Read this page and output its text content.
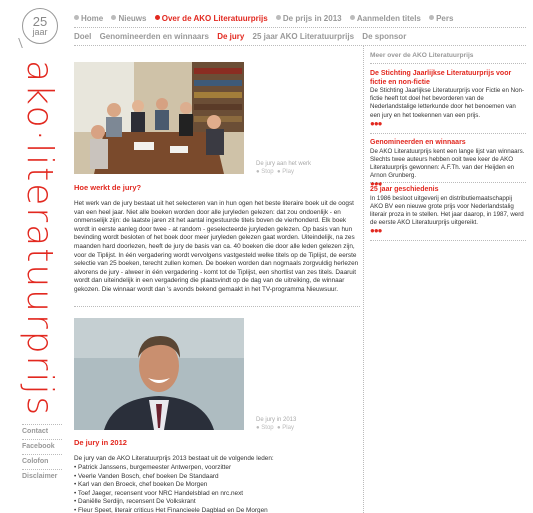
25
jaar
ako·literatuurprijs
Home Nieuws Over de AKO Literatuurprijs De prijs in 2013 Aanmelden titels Pers
Doel Genomineerden en winnaars De jury 25 jaar AKO Literatuurprijs De sponsor
De jury aan het werk
● Stop ● Play
Hoe werkt de jury?
Het werk van de jury bestaat uit het selecteren van in hun ogen het beste literaire boek uit de oogst van een heel jaar. Niet alle boeken worden door alle juryleden gelezen: dat zou ondoenlijk - en onmenselijk zijn: de laatste jaren zit het aantal ingestuurde titels boven de vierhonderd. Elk boek wordt in eerste aanleg door twee - at random - geselecteerde juryleden gelezen. Op basis van hun bevinding wordt besloten of het boek door meer juryleden gelezen gaat worden. Uiteindelijk, na zes maanden hard doorlezen, heeft de jury de basis van ca. 40 boeken die door alle leden gelezen zijn, voor de Tiplijst. In één vergadering wordt vervolgens vastgesteld welke titels op de Tiplijst, de eerste selectie van 25 boeken, terecht zullen komen. De boeken worden dan nogmaals zorgvuldig herlezen alvorens de jury - alweer in één vergadering - komt tot de Tiplijst, een shortlist van zes titels. Daaruit wordt dan uiteindelijk in een vergadering die plaatsvindt op de dag van de uitreiking, de winnaar gekozen. Die winnaar wordt dan 's avonds bekend gemaakt in het TV-programma Nieuwsuur.
De jury in 2013
● Stop ● Play
De jury in 2012
De jury van de AKO Literatuurprijs 2013 bestaat uit de volgende leden:
• Patrick Janssens, burgemeester Antwerpen, voorzitter
• Veerle Vanden Bosch, chef boeken De Standaard
• Karl van den Broeck, chef boeken De Morgen
• Toef Jaeger, recensent voor NRC Handelsblad en nrc.next
• Daniëlle Serdijn, recensent De Volkskrant
• Fleur Speet, literair criticus Het Financieele Dagblad en De Morgen
Meer over de AKO Literatuurprijs
De Stichting Jaarlijkse Literatuurprijs voor fictie en non-fictie
De Stichting Jaarlijkse Literatuurprijs voor Fictie en Non-fictie heeft tot doel het bevorderen van de Nederlandstalige letterkunde door het benoemen van een jury en het toekennen van een prijs.
●●●
Genomineerden en winnaars
De AKO Literatuurprijs kent een lange lijst van winnaars. Slechts twee auteurs hebben ooit twee keer de AKO Literatuurprijs gewonnen: A.F.Th. van der Heijden en Arnon Grunberg.
●●●
25 jaar geschiedenis
In 1986 besloot uitgeverij en distributiemaatschappij AKO BV een nieuwe grote prijs voor Nederlandstalig literair proza in te stellen. Het jaar daarop, in 1987, werd de eerste AKO Literatuurprijs uitgereikt.
●●●
Contact
Facebook
Colofon
Disclaimer
